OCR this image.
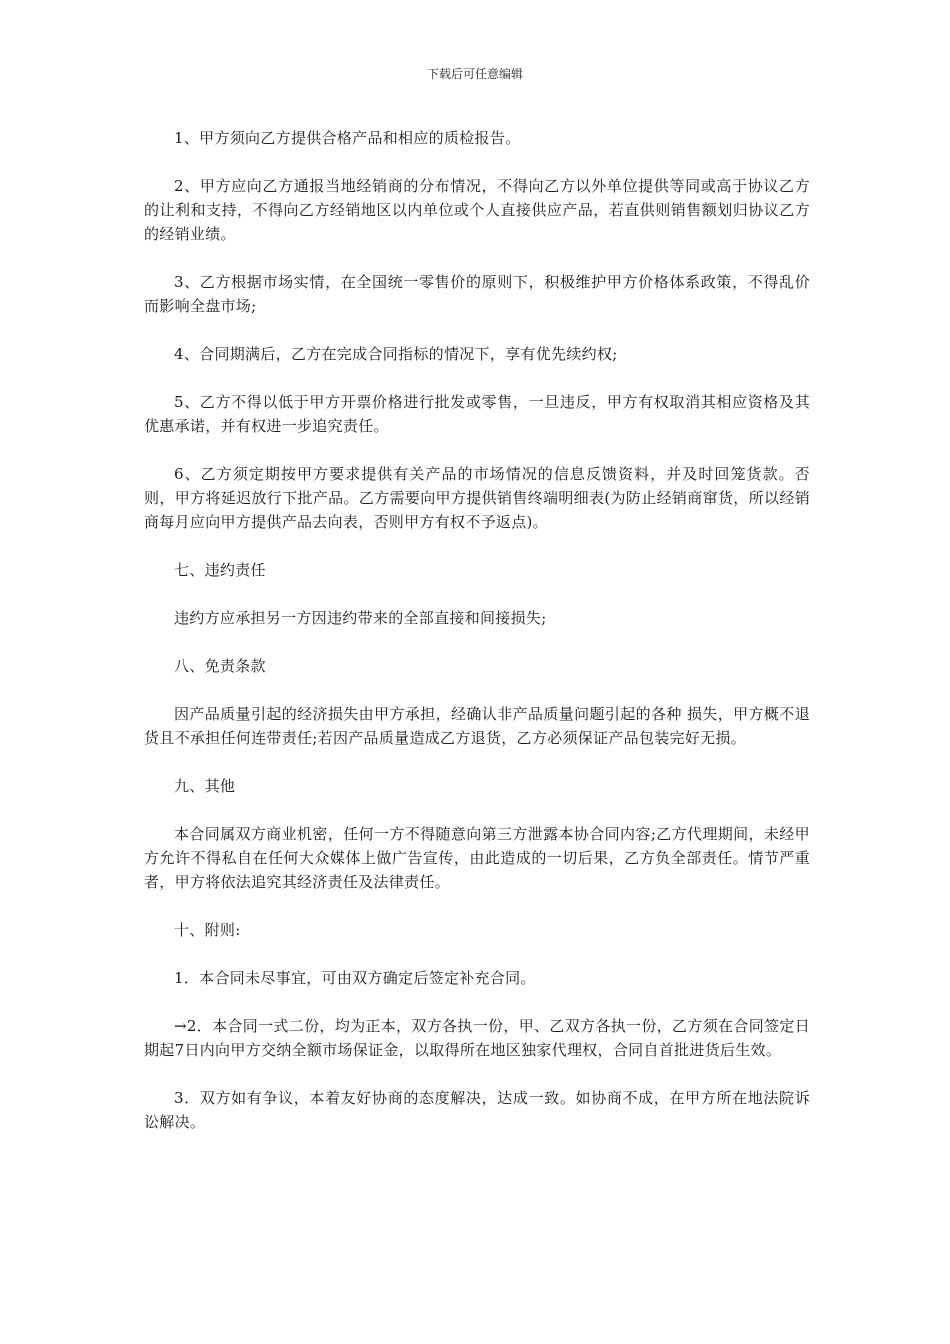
下载后可任意编辑

1、甲方须向乙方提供合格产品和相应的质检报告。

2、甲方应向乙方通报当地经销商的分布情况，不得向乙方以外单位提供等同或高于协议乙方的让利和支持，不得向乙方经销地区以内单位或个人直接供应产品，若直供则销售额划归协议乙方的经销业绩。

3、乙方根据市场实情，在全国统一零售价的原则下，积极维护甲方价格体系政策，不得乱价而影响全盘市场;

4、合同期满后，乙方在完成合同指标的情况下，享有优先续约权;

5、乙方不得以低于甲方开票价格进行批发或零售，一旦违反，甲方有权取消其相应资格及其优惠承诺，并有权进一步追究责任。

6、乙方须定期按甲方要求提供有关产品的市场情况的信息反馈资料，并及时回笼货款。否则，甲方将延迟放行下批产品。乙方需要向甲方提供销售终端明细表(为防止经销商窜货，所以经销商每月应向甲方提供产品去向表，否则甲方有权不予返点)。

七、违约责任

违约方应承担另一方因违约带来的全部直接和间接损失;

八、免责条款

因产品质量引起的经济损失由甲方承担，经确认非产品质量问题引起的各种 损失，甲方概不退货且不承担任何连带责任;若因产品质量造成乙方退货，乙方必须保证产品包装完好无损。

九、其他

本合同属双方商业机密，任何一方不得随意向第三方泄露本协合同内容;乙方代理期间，未经甲方允许不得私自在任何大众媒体上做广告宣传，由此造成的一切后果，乙方负全部责任。情节严重者，甲方将依法追究其经济责任及法律责任。

十、附则:

1．本合同未尽事宜，可由双方确定后签定补充合同。

→2．本合同一式二份，均为正本，双方各执一份，甲、乙双方各执一份，乙方须在合同签定日期起7日内向甲方交纳全额市场保证金，以取得所在地区独家代理权，合同自首批进货后生效。

3．双方如有争议，本着友好协商的态度解决，达成一致。如协商不成，在甲方所在地法院诉讼解决。
